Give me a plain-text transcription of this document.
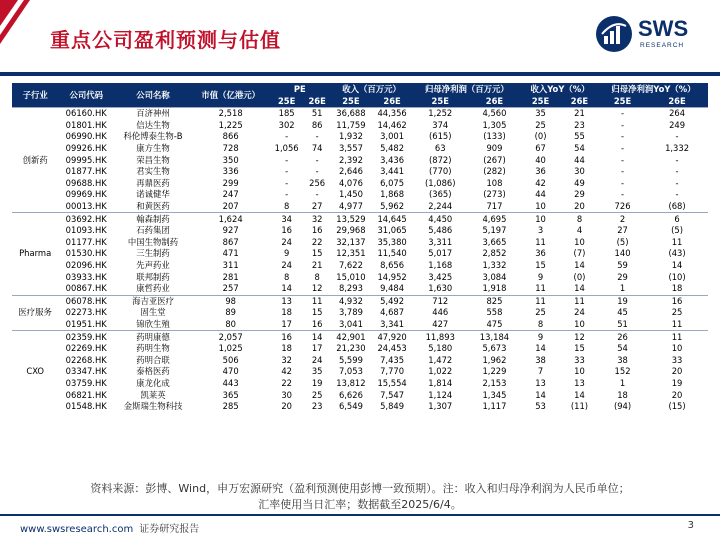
重点公司盈利预测与估值	SWS
RESEARCH
子行业	公司代码	公司名称	市值（亿港元）	PE		收入（百万元）		归母净利润（百万元）		收入YoY（%）		归母净利润YoY（%）	
				25E	26E	25E	26E	25E	26E	25E	26E	25E	26E
创新药	06160.HK	百济神州	2,518	185	51	36,688	44,356	1,252	4,560	35	21	-	264
	01801.HK	信达生物	1,225	302	86	11,759	14,462	374	1,305	25	23	-	249
	06990.HK	科伦博泰生物-B	866	-	-	1,932	3,001	(615)	(133)	(0)	55	-	-
	09926.HK	康方生物	728	1,056	74	3,557	5,482	63	909	67	54	-	1,332
	09995.HK	荣昌生物	350	-	-	2,392	3,436	(872)	(267)	40	44	-	-
	01877.HK	君实生物	336	-	-	2,646	3,441	(770)	(282)	36	30	-	-
	09688.HK	再鼎医药	299	-	256	4,076	6,075	(1,086)	108	42	49	-	-
	09969.HK	诺诚健华	247	-	-	1,450	1,868	(365)	(273)	44	29	-	-
	00013.HK	和黄医药	207	8	27	4,977	5,962	2,244	717	10	20	726	(68)
Pharma	03692.HK	翰森制药	1,624	34	32	13,529	14,645	4,450	4,695	10	8	2	6
	01093.HK	石药集团	927	16	16	29,968	31,065	5,486	5,197	3	4	27	(5)
	01177.HK	中国生物制药	867	24	22	32,137	35,380	3,311	3,665	11	10	(5)	11
	01530.HK	三生制药	471	9	15	12,351	11,540	5,017	2,852	36	(7)	140	(43)
	02096.HK	先声药业	311	24	21	7,622	8,656	1,168	1,332	15	14	59	14
	03933.HK	联邦制药	281	8	8	15,010	14,952	3,425	3,084	9	(0)	29	(10)
	00867.HK	康哲药业	257	14	12	8,293	9,484	1,630	1,918	11	14	1	18
医疗服务	06078.HK	海吉亚医疗	98	13	11	4,932	5,492	712	825	11	11	19	16
	02273.HK	固生堂	89	18	15	3,789	4,687	446	558	25	24	45	25
	01951.HK	锦欣生殖	80	17	16	3,041	3,341	427	475	8	10	51	11
CXO	02359.HK	药明康德	2,057	16	14	42,901	47,920	11,893	13,184	9	12	26	11
	02269.HK	药明生物	1,025	18	17	21,230	24,453	5,180	5,673	14	15	54	10
	02268.HK	药明合联	506	32	24	5,599	7,435	1,472	1,962	38	33	38	33
	03347.HK	泰格医药	470	42	35	7,053	7,770	1,022	1,229	7	10	152	20
	03759.HK	康龙化成	443	22	19	13,812	15,554	1,814	2,153	13	13	1	19
	06821.HK	凯莱英	365	30	25	6,626	7,547	1,124	1,345	14	14	18	20
	01548.HK	金斯瑞生物科技	285	20	23	6,549	5,849	1,307	1,117	53	(11)	(94)	(15)
资料来源：彭博、Wind，申万宏源研究（盈利预测使用彭博一致预期）。注：收入和归母净利润为人民币单位；
汇率使用当日汇率；数据截至2025/6/4。
www.swsresearch.com 证券研究报告	3
